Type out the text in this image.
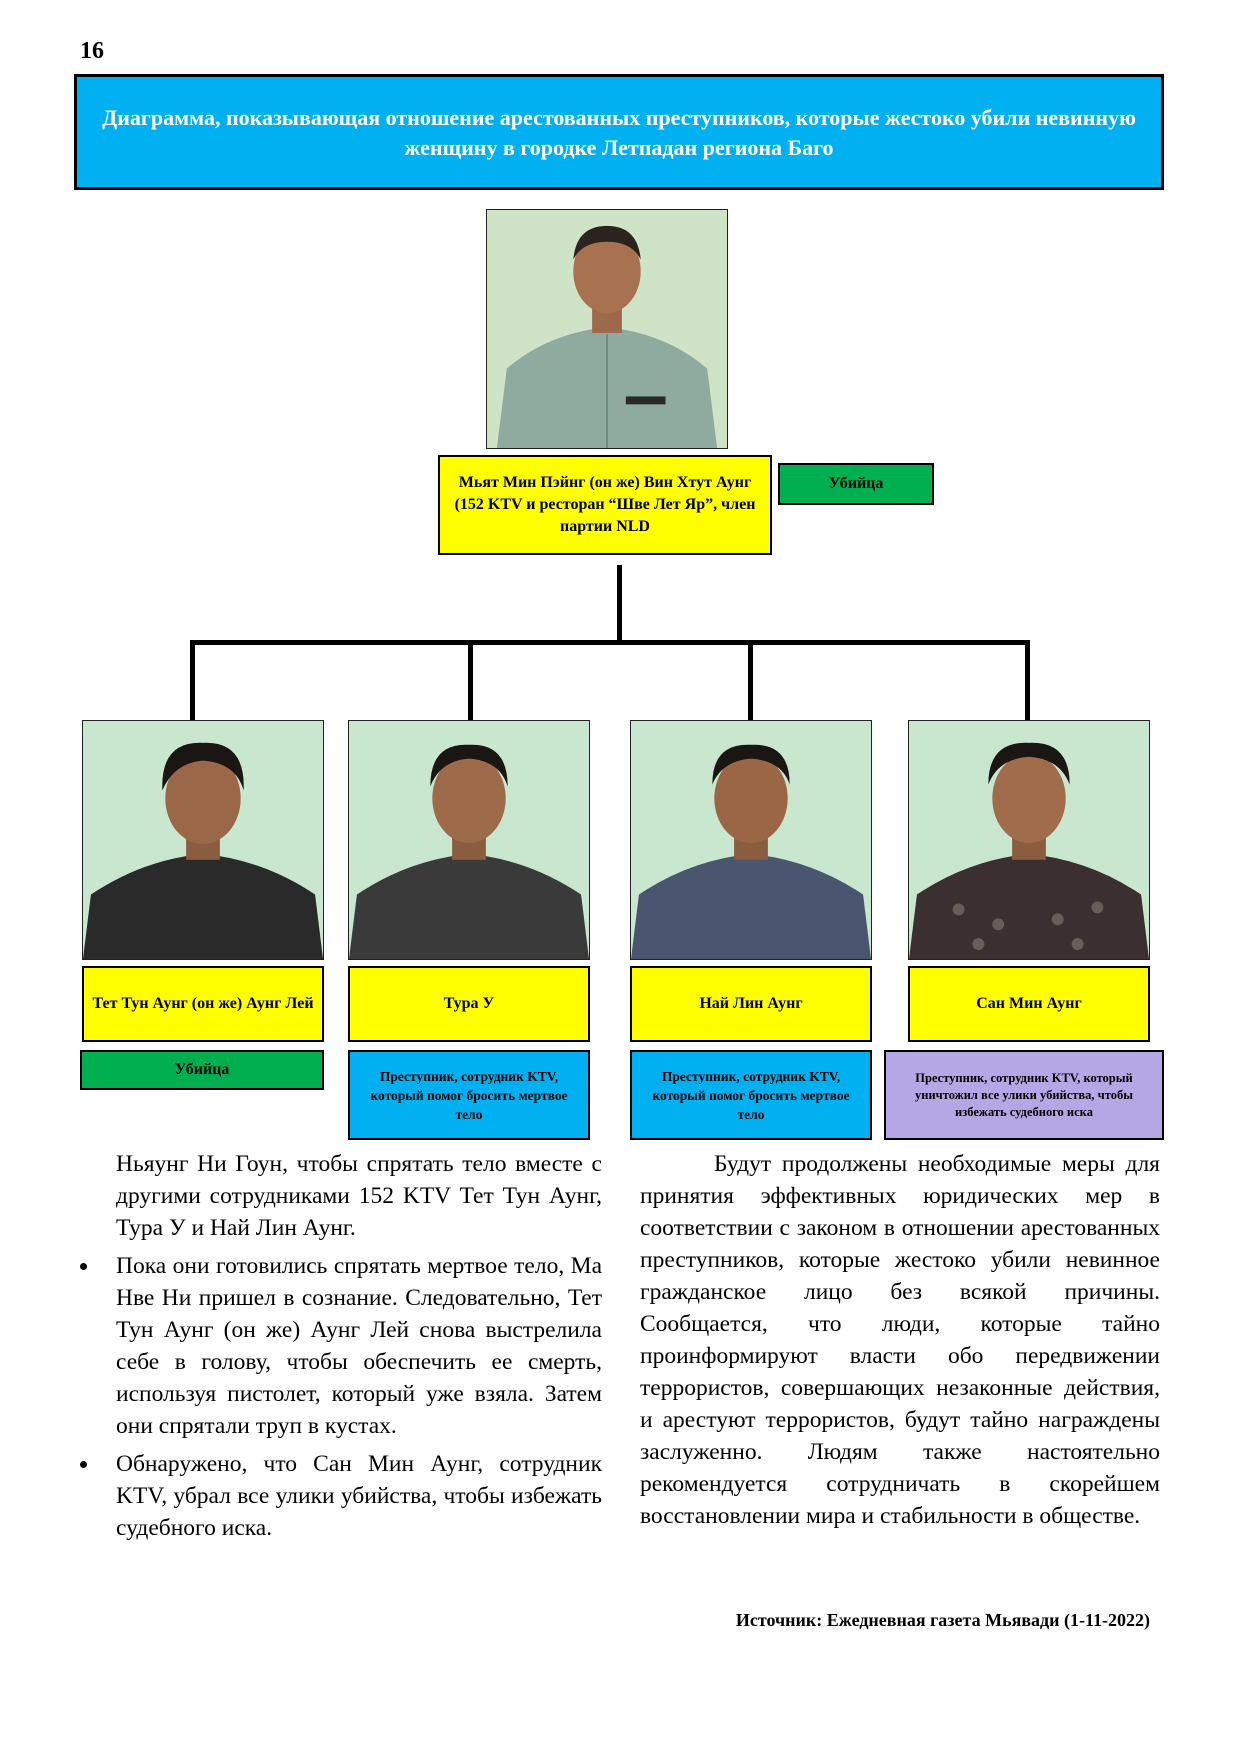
16
Диаграмма, показывающая отношение арестованных преступников, которые жестоко убили невинную женщину в городке Летпадан региона Баго
Мьят Мин Пэйнг (он же) Вин Хтут Аунг (152 KTV и ресторан “Шве Лет Яр”, член партии NLD
Убийца
Тет Тун Аунг (он же) Аунг Лей
Убийца
Тура У
Преступник, сотрудник KTV, который помог бросить мертвое тело
Най Лин Аунг
Преступник, сотрудник KTV, который помог бросить мертвое тело
Сан Мин Аунг
Преступник, сотрудник KTV, который уничтожил все улики убийства, чтобы избежать судебного иска

Ньяунг Ни Гоун, чтобы спрятать тело вместе с другими сотрудниками 152 KTV Тет Тун Аунг, Тура У и Най Лин Аунг.

Пока они готовились спрятать мертвое тело, Ма Нве Ни пришел в сознание. Следовательно, Тет Тун Аунг (он же) Аунг Лей снова выстрелила себе в голову, чтобы обеспечить ее смерть, используя пистолет, который уже взяла. Затем они спрятали труп в кустах.

Обнаружено, что Сан Мин Аунг, сотрудник KTV, убрал все улики убийства, чтобы избежать судебного иска.

Будут продолжены необходимые меры для принятия эффективных юридических мер в соответствии с законом в отношении арестованных преступников, которые жестоко убили невинное гражданское лицо без всякой причины. Сообщается, что люди, которые тайно проинформируют власти обо передвижении террористов, совершающих незаконные действия, и арестуют террористов, будут тайно награждены заслуженно. Людям также настоятельно рекомендуется сотрудничать в скорейшем восстановлении мира и стабильности в обществе.

Источник: Ежедневная газета Мьявади (1-11-2022)
